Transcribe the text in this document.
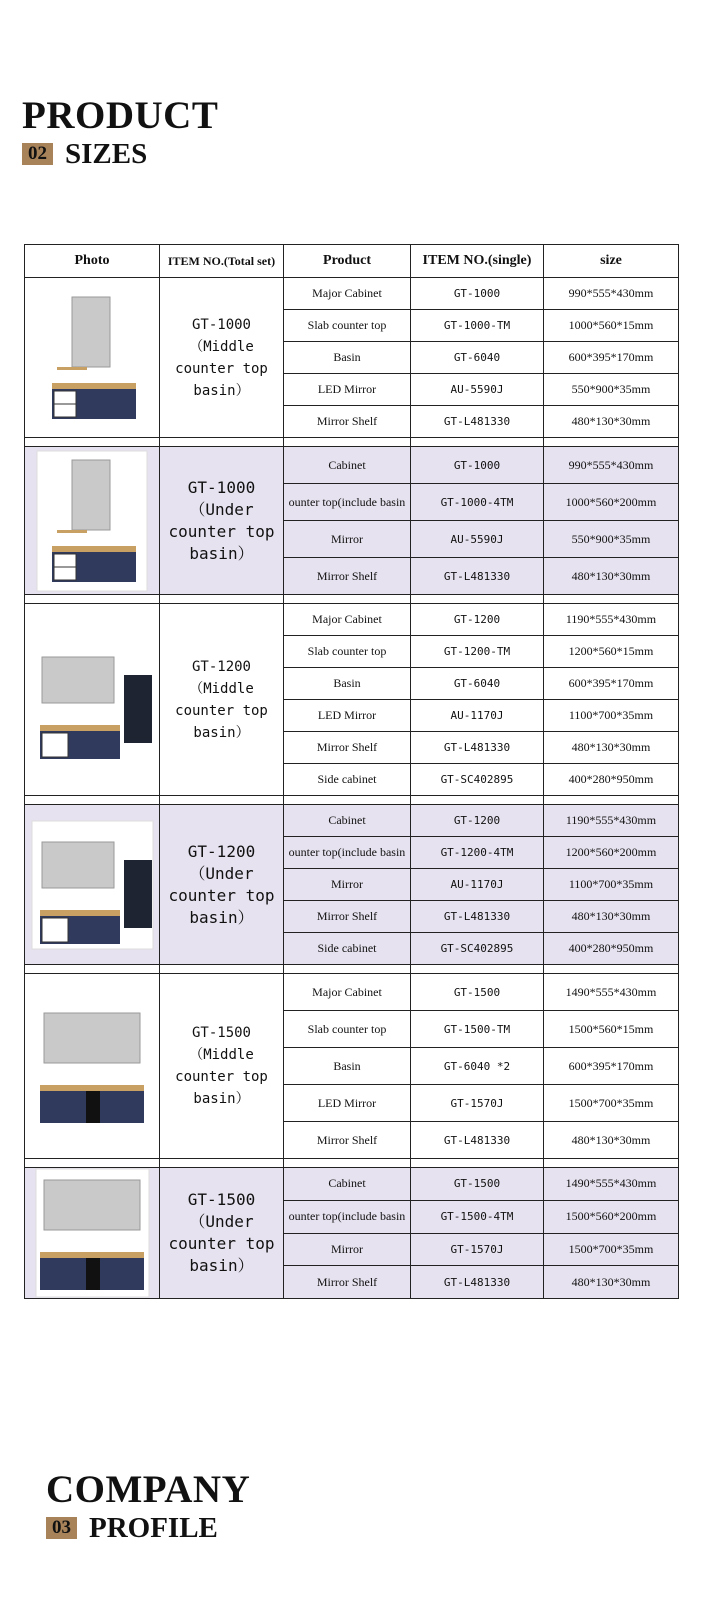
PRODUCT
02 SIZES
Photo	ITEM NO.(Total set)	Product	ITEM NO.(single)	size

GT-1000
（Middle counter top basin）	Major Cabinet	GT-1000	990*555*430mm
		Slab counter top	GT-1000-TM	1000*560*15mm
		Basin	GT-6040	600*395*170mm
		LED Mirror	AU-5590J	550*900*35mm
		Mirror Shelf	GT-L481330	480*130*30mm

GT-1000
（Under counter top basin）	Cabinet	GT-1000	990*555*430mm
		ounter top(include basin	GT-1000-4TM	1000*560*200mm
		Mirror	AU-5590J	550*900*35mm
		Mirror Shelf	GT-L481330	480*130*30mm

GT-1200
（Middle counter top basin）	Major Cabinet	GT-1200	1190*555*430mm
		Slab counter top	GT-1200-TM	1200*560*15mm
		Basin	GT-6040	600*395*170mm
		LED Mirror	AU-1170J	1100*700*35mm
		Mirror Shelf	GT-L481330	480*130*30mm
		Side cabinet	GT-SC402895	400*280*950mm

GT-1200
（Under counter top basin）	Cabinet	GT-1200	1190*555*430mm
		ounter top(include basin	GT-1200-4TM	1200*560*200mm
		Mirror	AU-1170J	1100*700*35mm
		Mirror Shelf	GT-L481330	480*130*30mm
		Side cabinet	GT-SC402895	400*280*950mm

GT-1500
（Middle counter top basin）	Major Cabinet	GT-1500	1490*555*430mm
		Slab counter top	GT-1500-TM	1500*560*15mm
		Basin	GT-6040 *2	600*395*170mm
		LED Mirror	GT-1570J	1500*700*35mm
		Mirror Shelf	GT-L481330	480*130*30mm

GT-1500
（Under counter top basin）	Cabinet	GT-1500	1490*555*430mm
		ounter top(include basin	GT-1500-4TM	1500*560*200mm
		Mirror	GT-1570J	1500*700*35mm
		Mirror Shelf	GT-L481330	480*130*30mm
COMPANY
03 PROFILE
